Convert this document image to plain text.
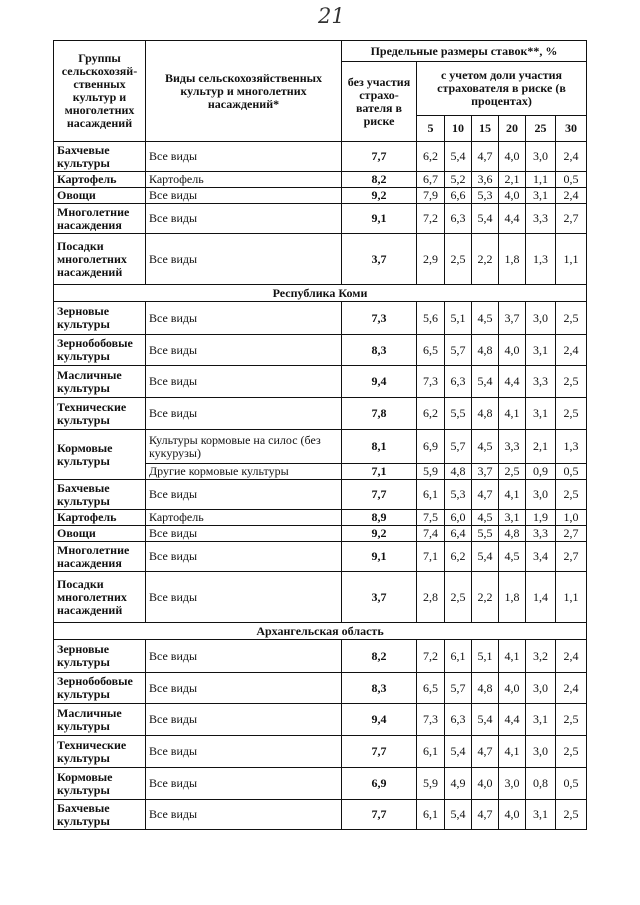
21
Группы сельскохозяй-ственных культур и многолетних насаждений	Виды сельскохозяйственных культур и многолетних насаждений*	Предельные размеры ставок**, %						
		без участия страхо-вателя в риске	с учетом доли участия страхователя в риске (в процентах)					
			5	10	15	20	25	30
Бахчевые культуры	Все виды	7,7	6,2	5,4	4,7	4,0	3,0	2,4
Картофель	Картофель	8,2	6,7	5,2	3,6	2,1	1,1	0,5
Овощи	Все виды	9,2	7,9	6,6	5,3	4,0	3,1	2,4
Многолетние насаждения	Все виды	9,1	7,2	6,3	5,4	4,4	3,3	2,7
Посадки многолетних насаждений	Все виды	3,7	2,9	2,5	2,2	1,8	1,3	1,1
Республика Коми								
Зерновые культуры	Все виды	7,3	5,6	5,1	4,5	3,7	3,0	2,5
Зернобобовые культуры	Все виды	8,3	6,5	5,7	4,8	4,0	3,1	2,4
Масличные культуры	Все виды	9,4	7,3	6,3	5,4	4,4	3,3	2,5
Технические культуры	Все виды	7,8	6,2	5,5	4,8	4,1	3,1	2,5
Кормовые культуры	Культуры кормовые на силос (без кукурузы)	8,1	6,9	5,7	4,5	3,3	2,1	1,3
	Другие кормовые культуры	7,1	5,9	4,8	3,7	2,5	0,9	0,5
Бахчевые культуры	Все виды	7,7	6,1	5,3	4,7	4,1	3,0	2,5
Картофель	Картофель	8,9	7,5	6,0	4,5	3,1	1,9	1,0
Овощи	Все виды	9,2	7,4	6,4	5,5	4,8	3,3	2,7
Многолетние насаждения	Все виды	9,1	7,1	6,2	5,4	4,5	3,4	2,7
Посадки многолетних насаждений	Все виды	3,7	2,8	2,5	2,2	1,8	1,4	1,1
Архангельская область								
Зерновые культуры	Все виды	8,2	7,2	6,1	5,1	4,1	3,2	2,4
Зернобобовые культуры	Все виды	8,3	6,5	5,7	4,8	4,0	3,0	2,4
Масличные культуры	Все виды	9,4	7,3	6,3	5,4	4,4	3,1	2,5
Технические культуры	Все виды	7,7	6,1	5,4	4,7	4,1	3,0	2,5
Кормовые культуры	Все виды	6,9	5,9	4,9	4,0	3,0	0,8	0,5
Бахчевые культуры	Все виды	7,7	6,1	5,4	4,7	4,0	3,1	2,5
